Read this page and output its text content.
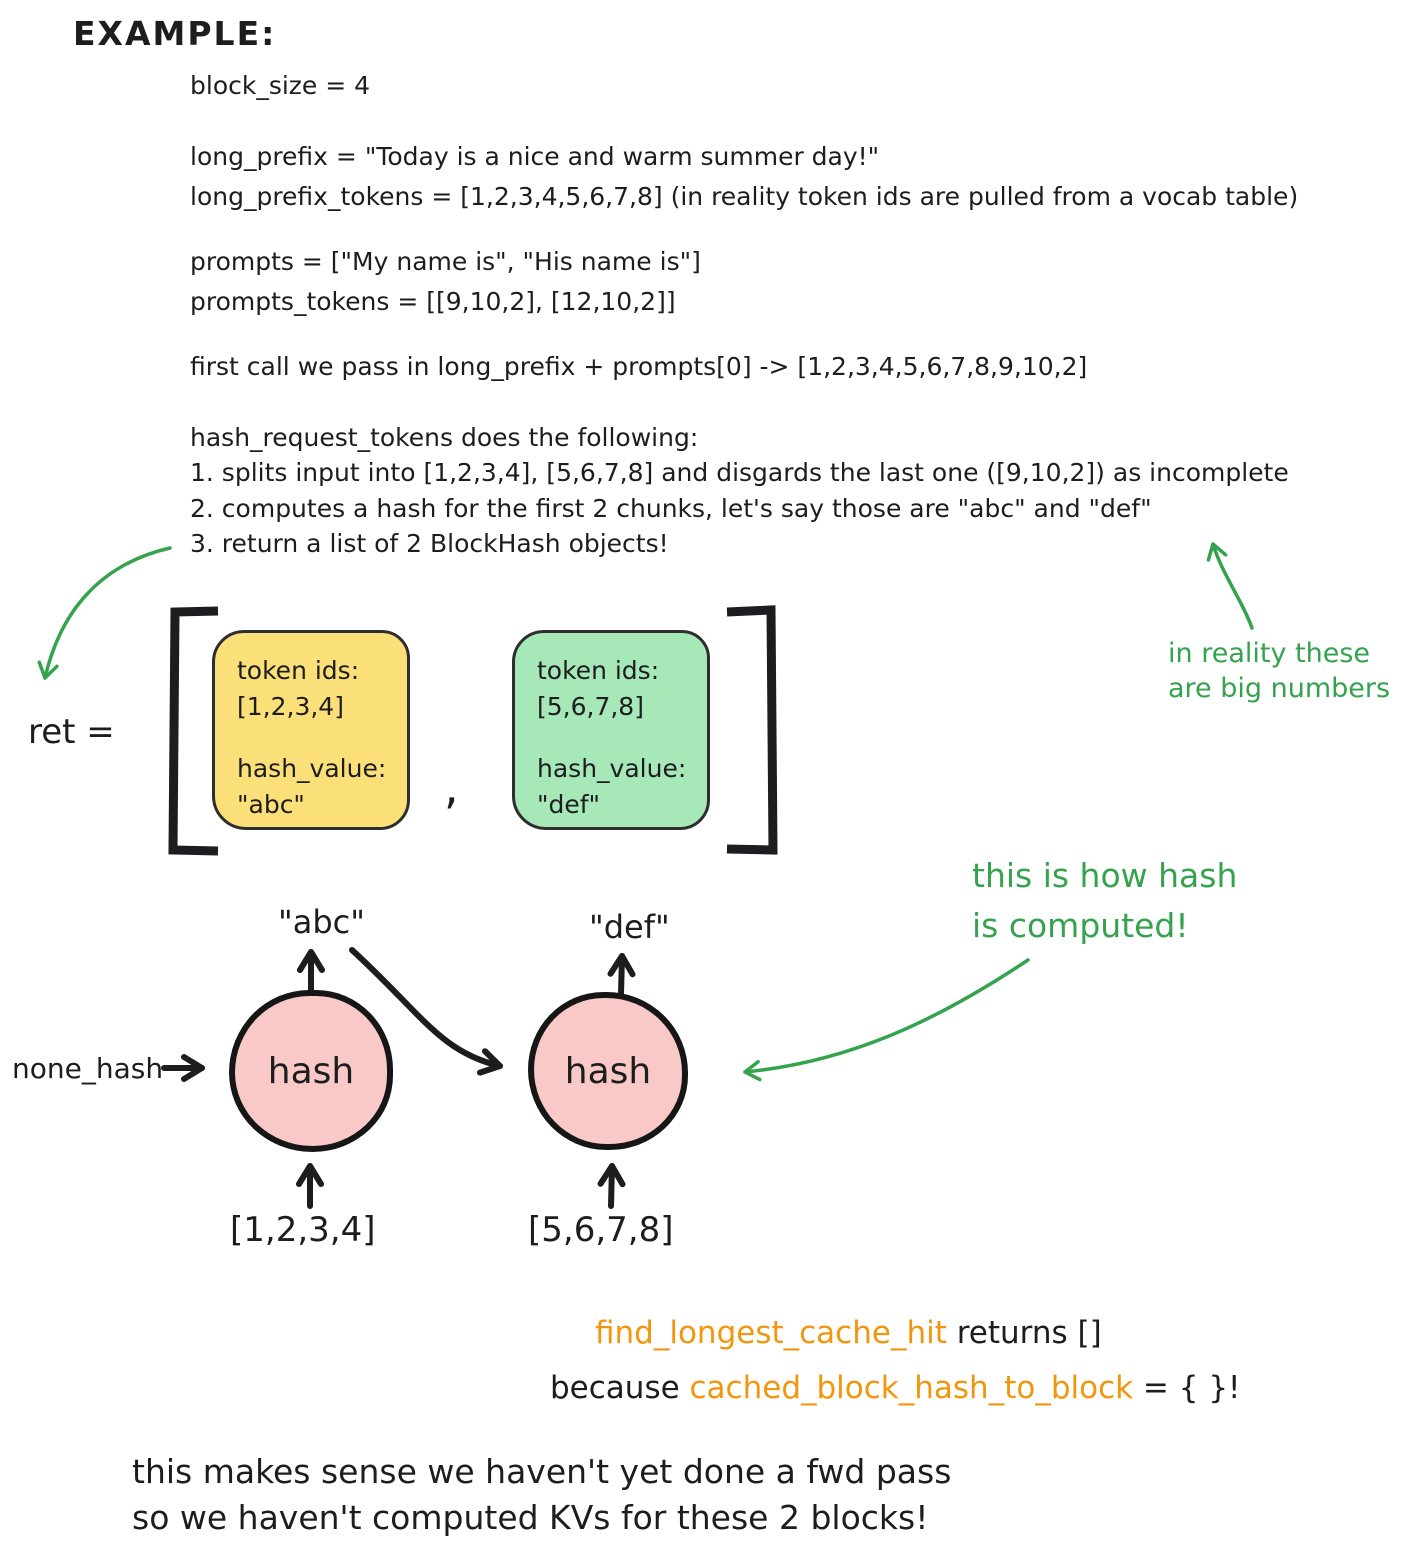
EXAMPLE:
block_size = 4
long_prefix = "Today is a nice and warm summer day!"
long_prefix_tokens = [1,2,3,4,5,6,7,8] (in reality token ids are pulled from a vocab table)
prompts = ["My name is", "His name is"]
prompts_tokens = [[9,10,2], [12,10,2]]
first call we pass in long_prefix + prompts[0] -> [1,2,3,4,5,6,7,8,9,10,2]
hash_request_tokens does the following:
1. splits input into [1,2,3,4], [5,6,7,8] and disgards the last one ([9,10,2]) as incomplete
2. computes a hash for the first 2 chunks, let's say those are "abc" and "def"
3. return a list of 2 BlockHash objects!
ret =
token ids:
[1,2,3,4]
hash_value:
"abc"	,
token ids:
[5,6,7,8]
hash_value:
"def"
in reality these
are big numbers
"abc"	"def"
none_hash	hash	hash
[1,2,3,4]	[5,6,7,8]
this is how hash
is computed!
find_longest_cache_hit returns []
because cached_block_hash_to_block = { }!
this makes sense we haven't yet done a fwd pass
so we haven't computed KVs for these 2 blocks!
